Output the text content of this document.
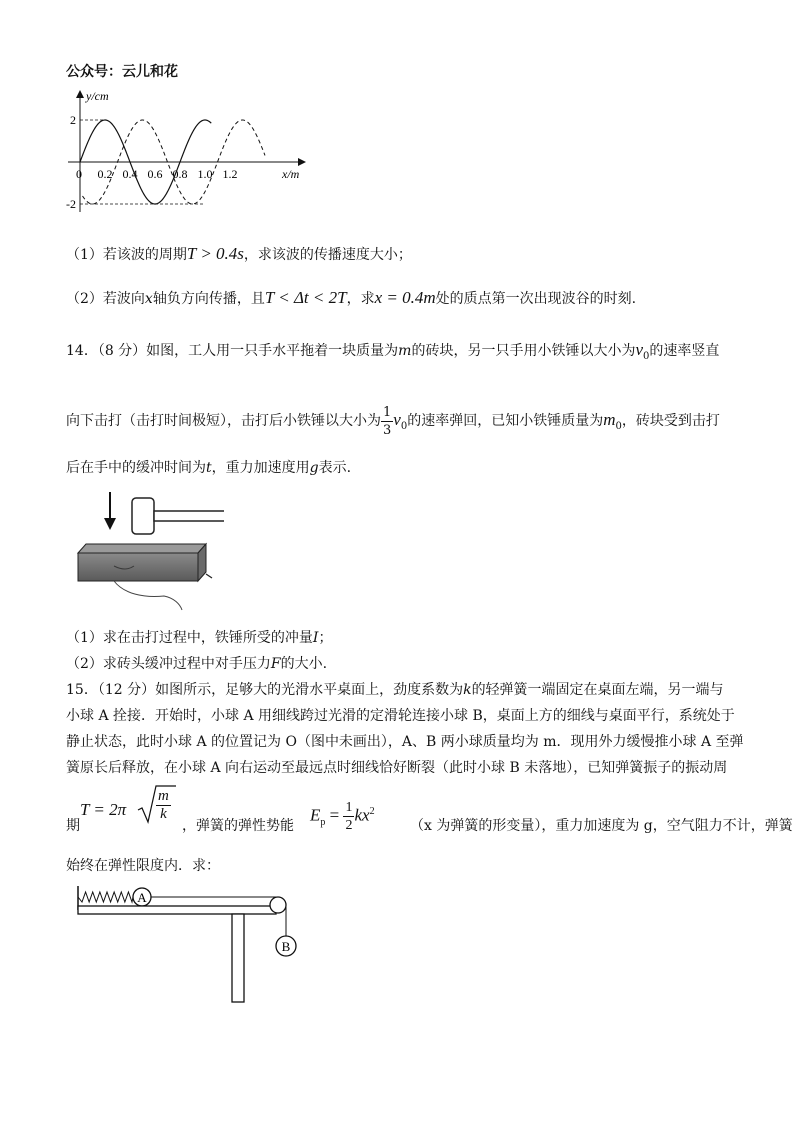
公众号：云儿和花
y/cm
x/m
0 0.2 0.4 0.6 0.8 1.0 1.2
2
-2
（1）若该波的周期T > 0.4s，求该波的传播速度大小；
（2）若波向x轴负方向传播，且T < Δt < 2T，求x = 0.4m处的质点第一次出现波谷的时刻.
14．（8 分）如图，工人用一只手水平拖着一块质量为m的砖块，另一只手用小铁锤以大小为$v_0$的速率竖直
向下击打（击打时间极短），击打后小铁锤以大小为 $\frac{1}{3} v_0$的速率弹回，已知小铁锤质量为$m_0$，砖块受到击打
后在手中的缓冲时间为t，重力加速度用g表示.
（1）求在击打过程中，铁锤所受的冲量I；
（2）求砖头缓冲过程中对手压力F的大小.
15．（12 分）如图所示，足够大的光滑水平桌面上，劲度系数为k的轻弹簧一端固定在桌面左端，另一端与
小球 A 拴接．开始时，小球 A 用细线跨过光滑的定滑轮连接小球 B，桌面上方的细线与桌面平行，系统处于
静止状态，此时小球 A 的位置记为 O（图中未画出），A、B 两小球质量均为 m．现用外力缓慢推小球 A 至弹
簧原长后释放，在小球 A 向右运动至最远点时细线恰好断裂（此时小球 B 未落地），已知弹簧振子的振动周
期
$T = 2\pi \frac{m}{k}$
，弹簧的弹性势能
$E_p = \frac{1}{2} kx^2$
（x 为弹簧的形变量），重力加速度为 g，空气阻力不计，弹簧
始终在弹性限度内．求：
A
B
